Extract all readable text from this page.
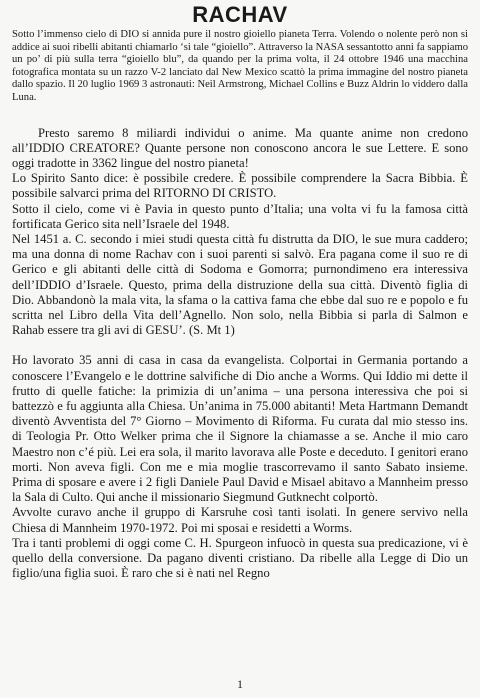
RACHAV

Sotto l’immenso cielo di DIO si annida pure il nostro gioiello pianeta Terra. Volendo o nolente però non si addice ai suoi ribelli abitanti chiamarlo ‘si tale “gioiello”. Attraverso la NASA sessantotto anni fa sappiamo un po’ di più sulla terra “gioiello blu”, da quando per la prima volta, il 24 ottobre 1946 una macchina fotografica montata su un razzo V-2 lanciato dal New Mexico scattò la prima immagine del nostro pianeta dallo spazio. Il 20 luglio 1969 3 astronauti: Neil Armstrong, Michael Collins e Buzz Aldrin lo viddero dalla Luna.

Presto saremo 8 miliardi individui o anime. Ma quante anime non credono all’IDDIO CREATORE? Quante persone non conoscono ancora le sue Lettere. E sono oggi tradotte in 3362 lingue del nostro pianeta!

Lo Spirito Santo dice: è possibile credere. È possibile comprendere la Sacra Bibbia. È possibile salvarci prima del RITORNO DI CRISTO.

Sotto il cielo, come vi è Pavia in questo punto d’Italia; una volta vi fu la famosa città fortificata Gerico sita nell’Israele del 1948.

Nel 1451 a. C. secondo i miei studi questa città fu distrutta da DIO, le sue mura caddero; ma una donna di nome Rachav con i suoi parenti si salvò. Era pagana come il suo re di Gerico e gli abitanti delle città di Sodoma e Gomorra; purnondimeno era interessiva dell’IDDIO d’Israele. Questo, prima della distruzione della sua città. Diventò figlia di Dio. Abbandonò la mala vita, la sfama o la cattiva fama che ebbe dal suo re e popolo e fu scritta nel Libro della Vita dell’Agnello. Non solo, nella Bibbia si parla di Salmon e Rahab essere tra gli avi di GESU’. (S. Mt 1)

Ho lavorato 35 anni di casa in casa da evangelista. Colportai in Germania portando a conoscere l’Evangelo e le dottrine salvifiche di Dio anche a Worms. Qui Iddio mi dette il frutto di quelle fatiche: la primizia di un’anima – una persona interessiva che poi si battezzò e fu aggiunta alla Chiesa. Un’anima in 75.000 abitanti! Meta Hartmann Demandt diventò Avventista del 7° Giorno – Movimento di Riforma. Fu curata dal mio stesso ins. di Teologia Pr. Otto Welker prima che il Signore la chiamasse a se. Anche il mio caro Maestro non c’é più. Lei era sola, il marito lavorava alle Poste e deceduto. I genitori erano morti. Non aveva figli. Con me e mia moglie trascorrevamo il santo Sabato insieme. Prima di sposare e avere i 2 figli Daniele Paul David e Misael abitavo a Mannheim presso la Sala di Culto. Qui anche il missionario Siegmund Gutknecht colportò.

Avvolte curavo anche il gruppo di Karsruhe così tanti isolati. In genere servivo nella Chiesa di Mannheim 1970-1972. Poi mi sposai e residetti a Worms.

Tra i tanti problemi di oggi come C. H. Spurgeon infuocò in questa sua predicazione, vi è quello della conversione. Da pagano diventi cristiano. Da ribelle alla Legge di Dio un figlio/una figlia suoi. È raro che si è nati nel Regno

1
